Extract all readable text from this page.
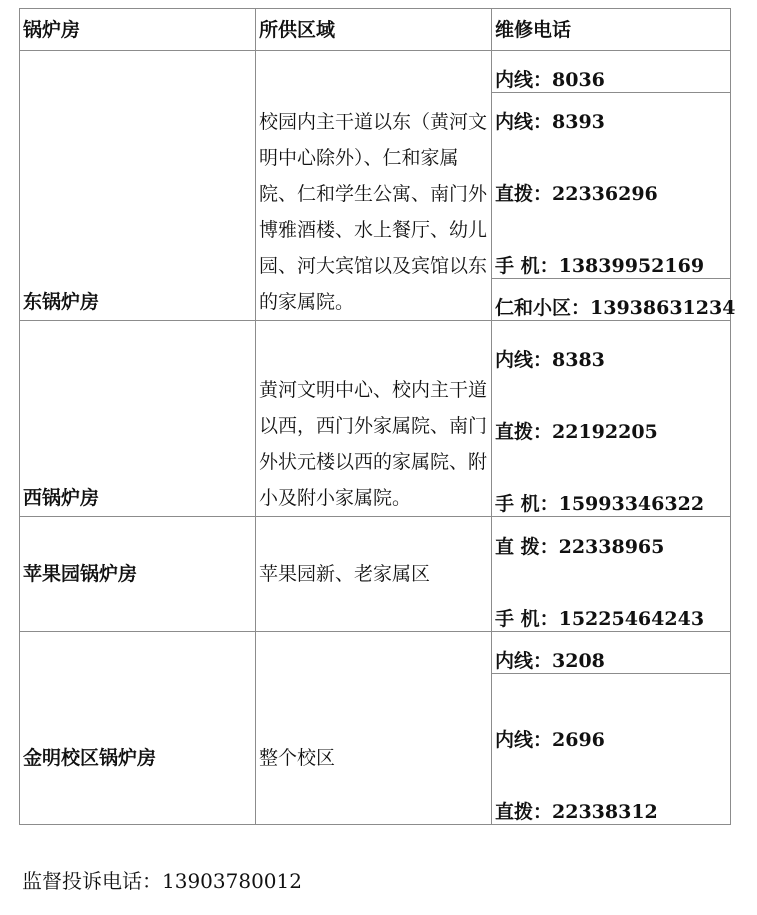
锅炉房	所供区域	维修电话
东锅炉房	校园内主干道以东（黄河文明中心除外）、仁和家属院、仁和学生公寓、南门外博雅酒楼、水上餐厅、幼儿园、河大宾馆以及宾馆以东的家属院。	内线：8036

		内线：8393
直拨：22336296
手 机：13839952169

		仁和小区：13938631234

西锅炉房	黄河文明中心、校内主干道以西，西门外家属院、南门外状元楼以西的家属院、附小及附小家属院。	内线：8383
直拨：22192205
手 机：15993346322

苹果园锅炉房	苹果园新、老家属区	直 拨：22338965
手 机：15225464243

金明校区锅炉房	整个校区	内线：3208

		内线：2696
直拨：22338312
监督投诉电话：13903780012
